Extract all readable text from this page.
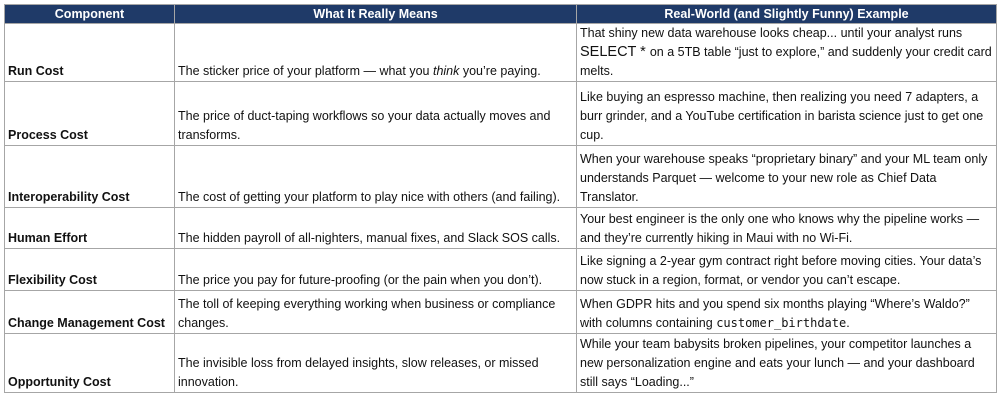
Component	What It Really Means	Real-World (and Slightly Funny) Example
Run Cost	The sticker price of your platform — what you think you’re paying.	That shiny new data warehouse looks cheap... until your analyst runs
SELECT * on a 5TB table “just to explore,” and suddenly your credit card melts.
Process Cost	The price of duct-taping workflows so your data actually moves and transforms.	Like buying an espresso machine, then realizing you need 7 adapters, a burr grinder, and a YouTube certification in barista science just to get one cup.
Interoperability Cost	The cost of getting your platform to play nice with others (and failing).	When your warehouse speaks “proprietary binary” and your ML team only understands Parquet — welcome to your new role as Chief Data Translator.
Human Effort	The hidden payroll of all-nighters, manual fixes, and Slack SOS calls.	Your best engineer is the only one who knows why the pipeline works — and they’re currently hiking in Maui with no Wi-Fi.
Flexibility Cost	The price you pay for future-proofing (or the pain when you don’t).	Like signing a 2-year gym contract right before moving cities. Your data’s now stuck in a region, format, or vendor you can’t escape.
Change Management Cost	The toll of keeping everything working when business or compliance changes.	When GDPR hits and you spend six months playing “Where’s Waldo?” with columns containing customer_birthdate.
Opportunity Cost	The invisible loss from delayed insights, slow releases, or missed innovation.	While your team babysits broken pipelines, your competitor launches a new personalization engine and eats your lunch — and your dashboard still says “Loading...”
